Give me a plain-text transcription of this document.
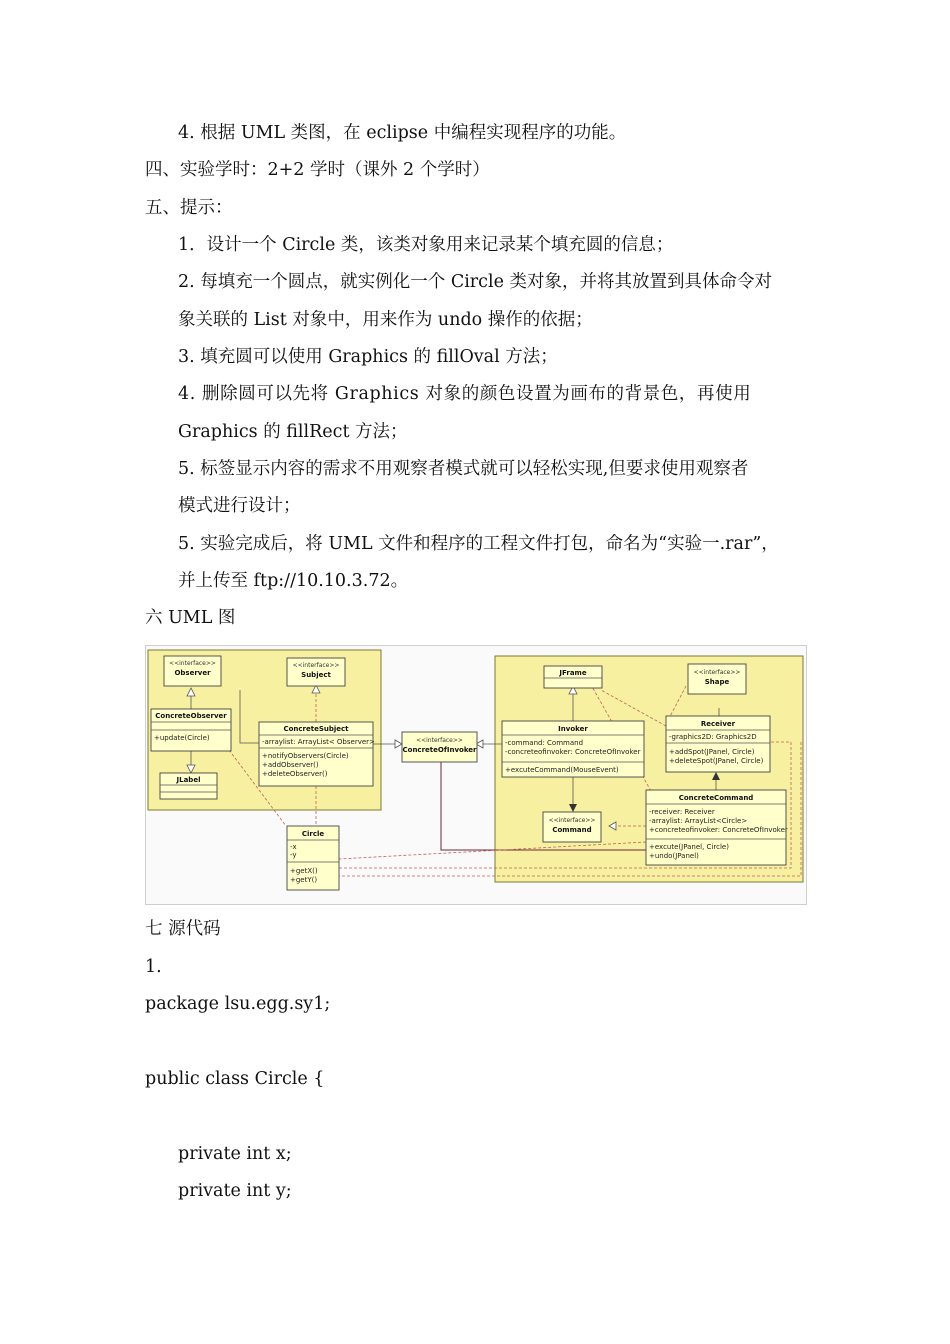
4. 根据 UML 类图，在 eclipse 中编程实现程序的功能。
四、实验学时：2+2 学时（课外 2 个学时）
五、提示：
1．设计一个 Circle 类，该类对象用来记录某个填充圆的信息；
2. 每填充一个圆点，就实例化一个 Circle 类对象，并将其放置到具体命令对
象关联的 List 对象中，用来作为 undo 操作的依据；
3. 填充圆可以使用 Graphics 的 fillOval 方法；
4. 删除圆可以先将 Graphics 对象的颜色设置为画布的背景色，再使用
Graphics 的 fillRect 方法；
5. 标签显示内容的需求不用观察者模式就可以轻松实现,但要求使用观察者
模式进行设计；
5. 实验完成后，将 UML 文件和程序的工程文件打包，命名为“实验一.rar”，
并上传至 ftp://10.10.3.72。
六 UML 图
<<interface>>
Observer
<<interface>>
Subject
ConcreteObserver
+update(Circle)
JLabel
ConcreteSubject
-arraylist: ArrayList< Observer>
+notifyObservers(Circle)
+addObserver()
+deleteObserver()
<<interface>>
ConcreteOfInvoker
Circle
-x
-y
+getX()
+getY()
JFrame	<<interface>>
Shape
Invoker
-command: Command
-concreteofinvoker: ConcreteOfInvoker
+excuteCommand(MouseEvent)
Receiver
-graphics2D: Graphics2D
+addSpot(JPanel, Circle)
+deleteSpot(JPanel, Circle)
<<interface>>
Command
ConcreteCommand
-receiver: Receiver
-arraylist: ArrayList<Circle>
+concreteofinvoker: ConcreteOfInvoker
+excute(JPanel, Circle)
+undo(JPanel)
七 源代码
1.
package lsu.egg.sy1;
public class Circle {
private int x;
private int y;
